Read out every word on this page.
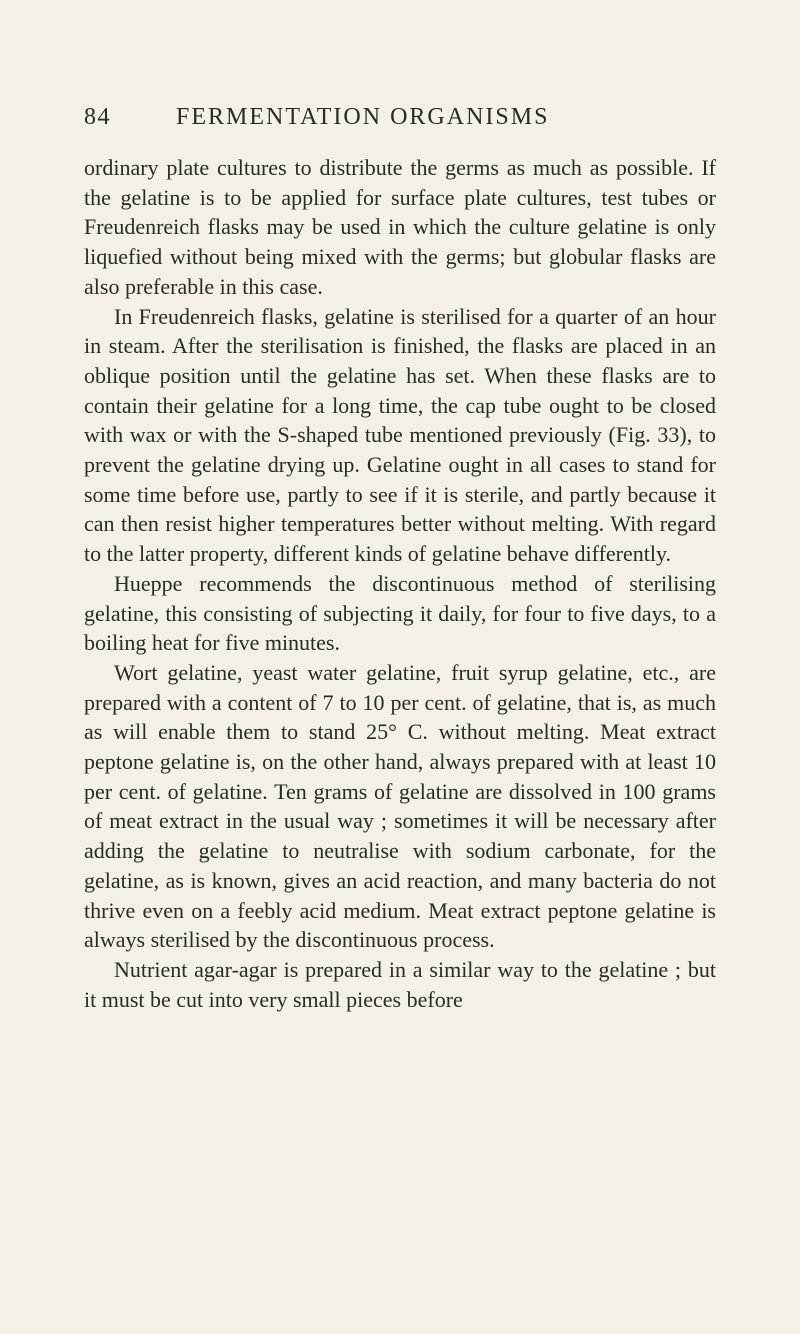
84	FERMENTATION ORGANISMS

ordinary plate cultures to distribute the germs as much as possible. If the gelatine is to be applied for surface plate cultures, test tubes or Freudenreich flasks may be used in which the culture gelatine is only liquefied without being mixed with the germs; but globular flasks are also preferable in this case.

In Freudenreich flasks, gelatine is sterilised for a quarter of an hour in steam. After the sterilisation is finished, the flasks are placed in an oblique position until the gelatine has set. When these flasks are to contain their gelatine for a long time, the cap tube ought to be closed with wax or with the S-shaped tube mentioned previously (Fig. 33), to prevent the gelatine drying up. Gelatine ought in all cases to stand for some time before use, partly to see if it is sterile, and partly because it can then resist higher temperatures better without melting. With regard to the latter property, different kinds of gelatine behave differently.

Hueppe recommends the discontinuous method of sterilising gelatine, this consisting of subjecting it daily, for four to five days, to a boiling heat for five minutes.

Wort gelatine, yeast water gelatine, fruit syrup gelatine, etc., are prepared with a content of 7 to 10 per cent. of gelatine, that is, as much as will enable them to stand 25° C. without melting. Meat extract peptone gelatine is, on the other hand, always prepared with at least 10 per cent. of gelatine. Ten grams of gelatine are dissolved in 100 grams of meat extract in the usual way ; sometimes it will be necessary after adding the gelatine to neutralise with sodium carbonate, for the gelatine, as is known, gives an acid reaction, and many bacteria do not thrive even on a feebly acid medium. Meat extract peptone gelatine is always sterilised by the discontinuous process.

Nutrient agar-agar is prepared in a similar way to the gelatine ; but it must be cut into very small pieces before
